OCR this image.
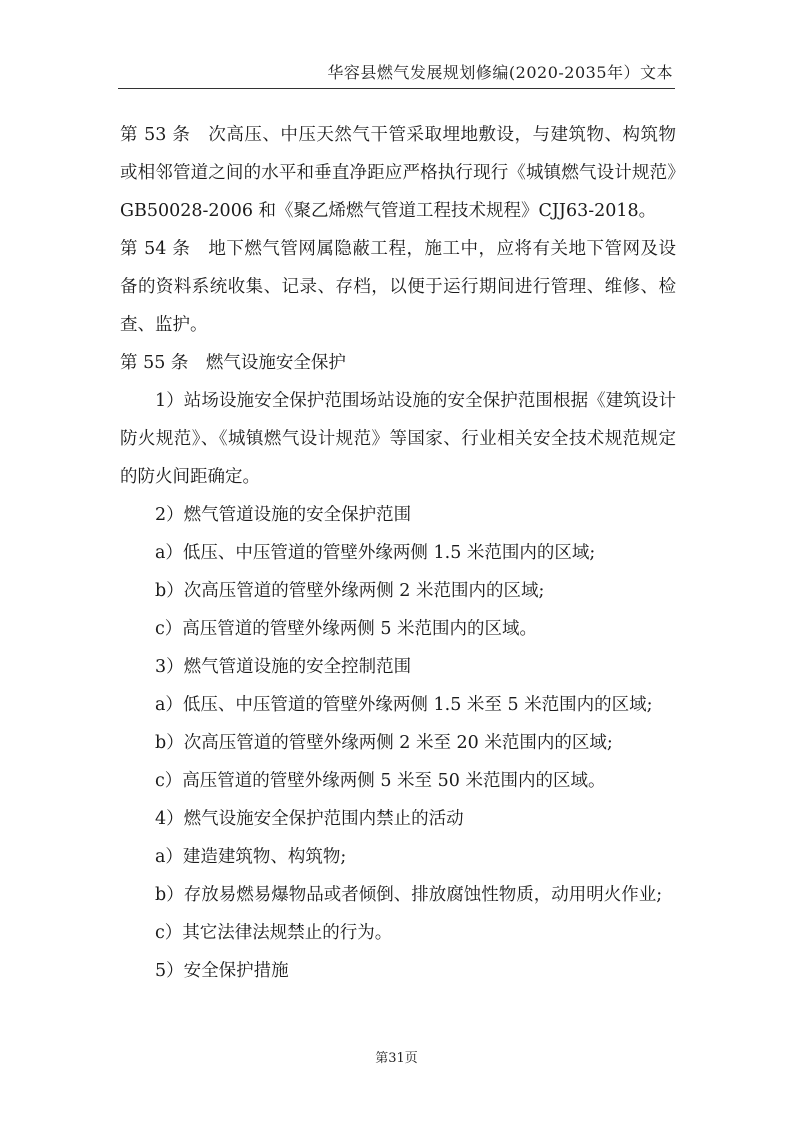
华容县燃气发展规划修编(2020-2035年）文本

第 53 条　次高压、中压天然气干管采取埋地敷设，与建筑物、构筑物或相邻管道之间的水平和垂直净距应严格执行现行《城镇燃气设计规范》GB50028-2006 和《聚乙烯燃气管道工程技术规程》CJJ63-2018。

第 54 条　地下燃气管网属隐蔽工程，施工中，应将有关地下管网及设备的资料系统收集、记录、存档，以便于运行期间进行管理、维修、检查、监护。

第 55 条　燃气设施安全保护

1）站场设施安全保护范围场站设施的安全保护范围根据《建筑设计防火规范》、《城镇燃气设计规范》等国家、行业相关安全技术规范规定的防火间距确定。

2）燃气管道设施的安全保护范围

a）低压、中压管道的管壁外缘两侧 1.5 米范围内的区域;

b）次高压管道的管壁外缘两侧 2 米范围内的区域;

c）高压管道的管壁外缘两侧 5 米范围内的区域。

3）燃气管道设施的安全控制范围

a）低压、中压管道的管壁外缘两侧 1.5 米至 5 米范围内的区域;

b）次高压管道的管壁外缘两侧 2 米至 20 米范围内的区域;

c）高压管道的管壁外缘两侧 5 米至 50 米范围内的区域。

4）燃气设施安全保护范围内禁止的活动

a）建造建筑物、构筑物;

b）存放易燃易爆物品或者倾倒、排放腐蚀性物质，动用明火作业;

c）其它法律法规禁止的行为。

5）安全保护措施

第31页
